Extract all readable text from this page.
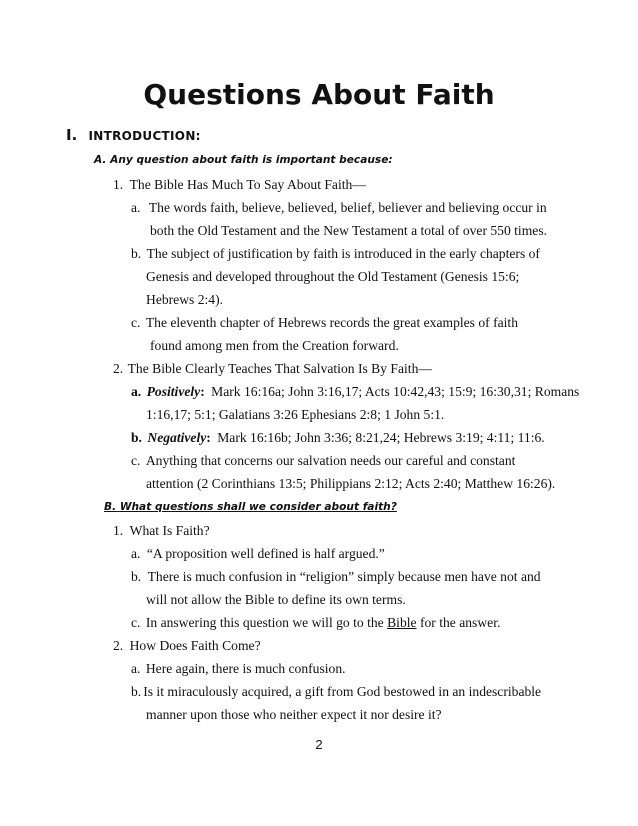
Questions About Faith
I. INTRODUCTION:
A. Any question about faith is important because:
1. The Bible Has Much To Say About Faith––
a. The words faith, believe, believed, belief, believer and believing occur in
both the Old Testament and the New Testament a total of over 550 times.
b. The subject of justification by faith is introduced in the early chapters of
Genesis and developed throughout the Old Testament (Genesis 15:6;
Hebrews 2:4).
c. The eleventh chapter of Hebrews records the great examples of faith
found among men from the Creation forward.
2. The Bible Clearly Teaches That Salvation Is By Faith––
a. Positively: Mark 16:16a; John 3:16,17; Acts 10:42,43; 15:9; 16:30,31; Romans
1:16,17; 5:1; Galatians 3:26 Ephesians 2:8; 1 John 5:1.
b. Negatively: Mark 16:16b; John 3:36; 8:21,24; Hebrews 3:19; 4:11; 11:6.
c. Anything that concerns our salvation needs our careful and constant
attention (2 Corinthians 13:5; Philippians 2:12; Acts 2:40; Matthew 16:26).
B. What questions shall we consider about faith?
1. What Is Faith?
a. “A proposition well defined is half argued.”
b. There is much confusion in “religion” simply because men have not and
will not allow the Bible to define its own terms.
c. In answering this question we will go to the Bible for the answer.
2. How Does Faith Come?
a. Here again, there is much confusion.
b. Is it miraculously acquired, a gift from God bestowed in an indescribable
manner upon those who neither expect it nor desire it?
2
